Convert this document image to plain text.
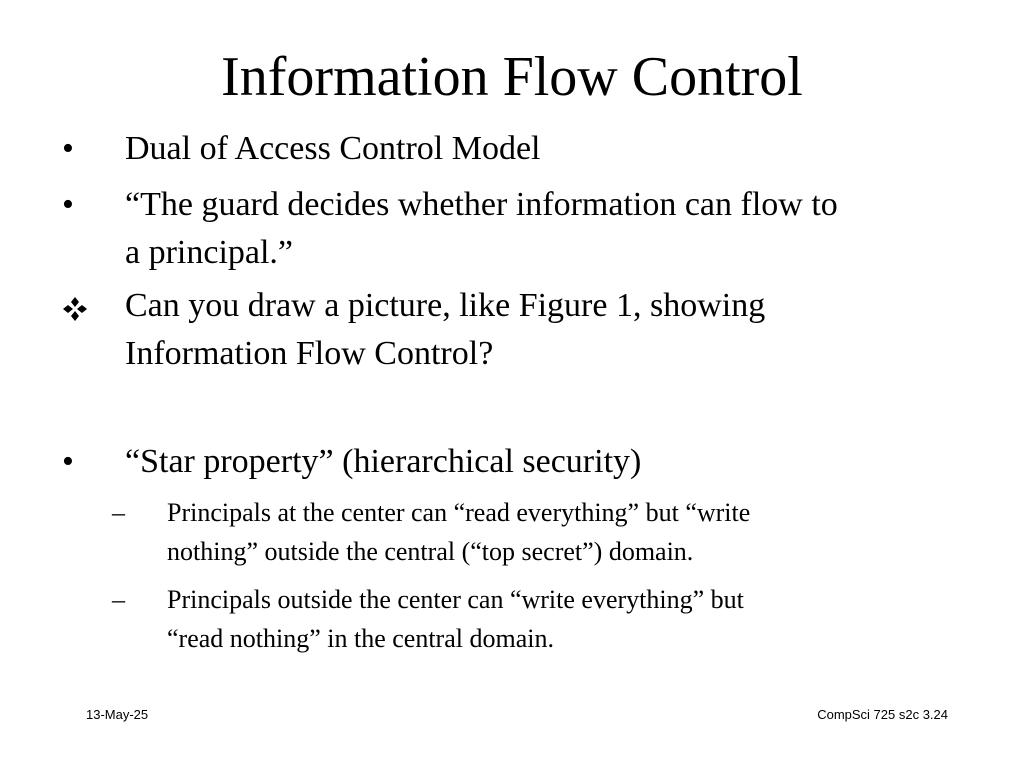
Information Flow Control
•	Dual of Access Control Model
•	“The guard decides whether information can flow to
a principal.”
Can you draw a picture, like Figure 1, showing
Information Flow Control?
•	“Star property” (hierarchical security)
–	Principals at the center can “read everything” but “write
nothing” outside the central (“top secret”) domain.
–	Principals outside the center can “write everything” but
“read nothing” in the central domain.
13-May-25	CompSci 725 s2c 3.24
